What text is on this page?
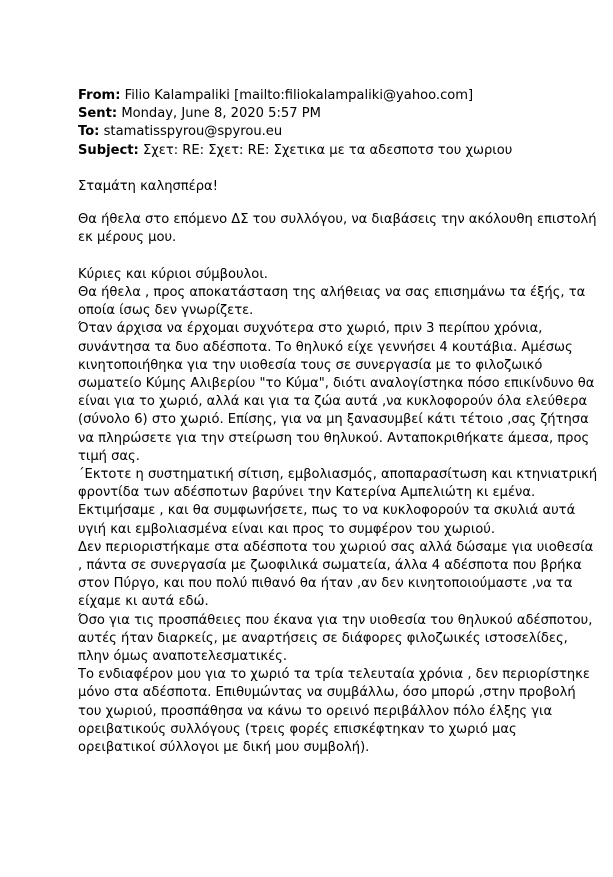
From: Filio Kalampaliki [mailto:filiokalampaliki@yahoo.com]
Sent: Monday, June 8, 2020 5:57 PM
To: stamatisspyrou@spyrou.eu
Subject: Σχετ: RE: Σχετ: RE: Σχετικα με τα αδεσποτσ του χωριου

Σταμάτη καλησπέρα!

Θα ήθελα στο επόμενο ΔΣ του συλλόγου, να διαβάσεις την ακόλουθη επιστολή εκ μέρους μου.

Κύριες και κύριοι σύμβουλοι.

Θα ήθελα , προς αποκατάσταση της αλήθειας να σας επισημάνω τα έξής, τα οποία ίσως δεν γνωρίζετε.

Όταν άρχισα να έρχομαι συχνότερα στο χωριό, πριν 3 περίπου χρόνια, συνάντησα τα δυο αδέσποτα. Το θηλυκό είχε γεννήσει 4 κουτάβια. Αμέσως κινητοποιήθηκα για την υιοθεσία τους σε συνεργασία με το φιλοζωικό σωματείο Κύμης Αλιβερίου "το Κύμα", διότι αναλογίστηκα πόσο επικίνδυνο θα είναι για το χωριό, αλλά και για τα ζώα αυτά ,να κυκλοφορούν όλα ελεύθερα (σύνολο 6) στο χωριό. Επίσης, για να μη ξανασυμβεί κάτι τέτοιο ,σας ζήτησα να πληρώσετε για την στείρωση του θηλυκού. Ανταποκριθήκατε άμεσα, προς τιμή σας.

΄Εκτοτε η συστηματική σίτιση, εμβολιασμός, αποπαρασίτωση και κτηνιατρική φροντίδα των αδέσποτων βαρύνει την Κατερίνα Αμπελιώτη κι εμένα. Εκτιμήσαμε , και θα συμφωνήσετε, πως το να κυκλοφορούν τα σκυλιά αυτά υγιή και εμβολιασμένα είναι και προς το συμφέρον του χωριού.

Δεν περιοριστήκαμε στα αδέσποτα του χωριού σας αλλά δώσαμε για υιοθεσία , πάντα σε συνεργασία με ζωοφιλικά σωματεία, άλλα 4 αδέσποτα που βρήκα στον Πύργο, και που πολύ πιθανό θα ήταν ,αν δεν κινητοποιούμαστε ,να τα είχαμε κι αυτά εδώ.

Όσο για τις προσπάθειες που έκανα για την υιοθεσία του θηλυκού αδέσποτου, αυτές ήταν διαρκείς, με αναρτήσεις σε διάφορες φιλοζωικές ιστοσελίδες, πλην όμως αναποτελεσματικές.

Το ενδιαφέρον μου για το χωριό τα τρία τελευταία χρόνια , δεν περιορίστηκε μόνο στα αδέσποτα. Επιθυμώντας να συμβάλλω, όσο μπορώ ,στην προβολή του χωριού, προσπάθησα να κάνω το ορεινό περιβάλλον πόλο έλξης για ορειβατικούς συλλόγους (τρεις φορές επισκέφτηκαν το χωριό μας ορειβατικοί σύλλογοι με δική μου συμβολή).
